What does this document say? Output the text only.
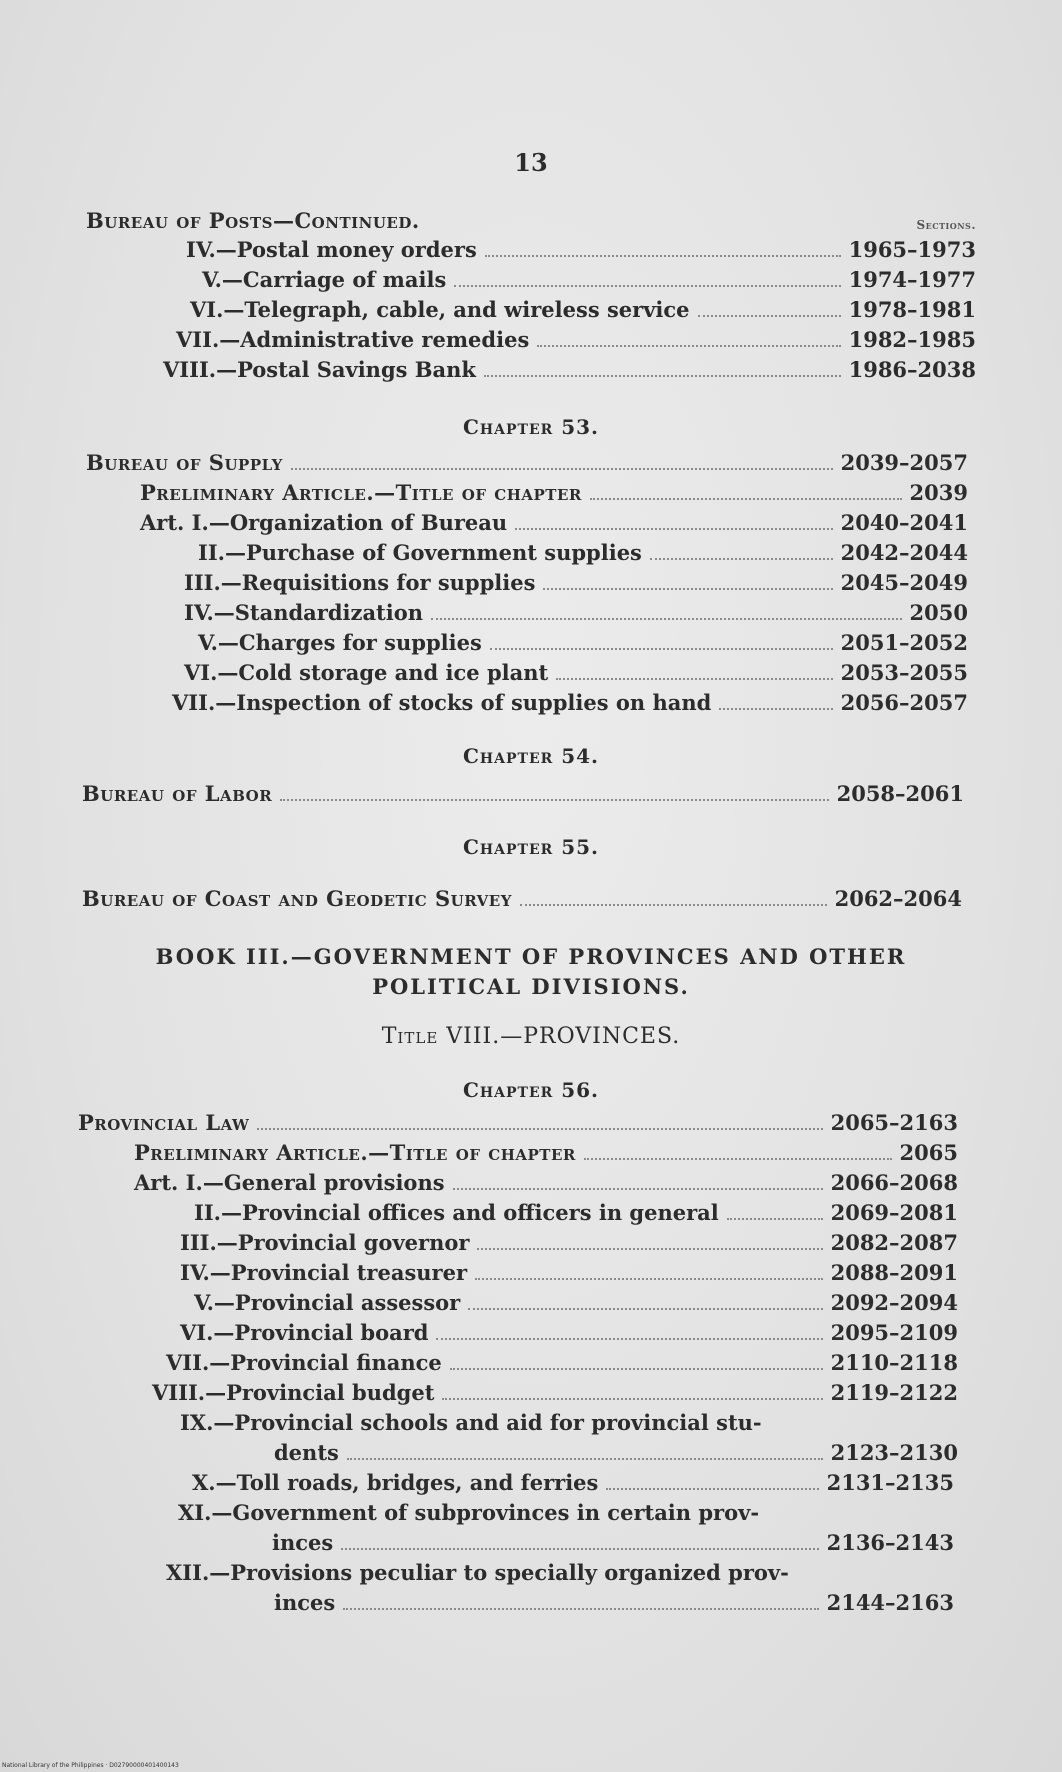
13
Bureau of Posts—Continued.	Sections.
IV.—Postal money orders	1965–1973
V.—Carriage of mails	1974–1977
VI.—Telegraph, cable, and wireless service	1978–1981
VII.—Administrative remedies	1982–1985
VIII.—Postal Savings Bank	1986–2038
Chapter 53.
Bureau of Supply	2039–2057
Preliminary Article.—Title of chapter	2039
Art. I.—Organization of Bureau	2040–2041
II.—Purchase of Government supplies	2042–2044
III.—Requisitions for supplies	2045–2049
IV.—Standardization	2050
V.—Charges for supplies	2051–2052
VI.—Cold storage and ice plant	2053–2055
VII.—Inspection of stocks of supplies on hand	2056–2057
Chapter 54.
Bureau of Labor	2058–2061
Chapter 55.
Bureau of Coast and Geodetic Survey	2062–2064
BOOK III.—GOVERNMENT OF PROVINCES AND OTHER
POLITICAL DIVISIONS.
Title VIII.—PROVINCES.
Chapter 56.
Provincial Law	2065–2163
Preliminary Article.—Title of chapter	2065
Art. I.—General provisions	2066–2068
II.—Provincial offices and officers in general	2069–2081
III.—Provincial governor	2082–2087
IV.—Provincial treasurer	2088–2091
V.—Provincial assessor	2092–2094
VI.—Provincial board	2095–2109
VII.—Provincial finance	2110–2118
VIII.—Provincial budget	2119–2122
IX.—Provincial schools and aid for provincial stu-
dents	2123–2130
X.—Toll roads, bridges, and ferries	2131–2135
XI.—Government of subprovinces in certain prov-
inces	2136–2143
XII.—Provisions peculiar to specially organized prov-
inces	2144–2163
National Library of the Philippines · D02790000401400143
